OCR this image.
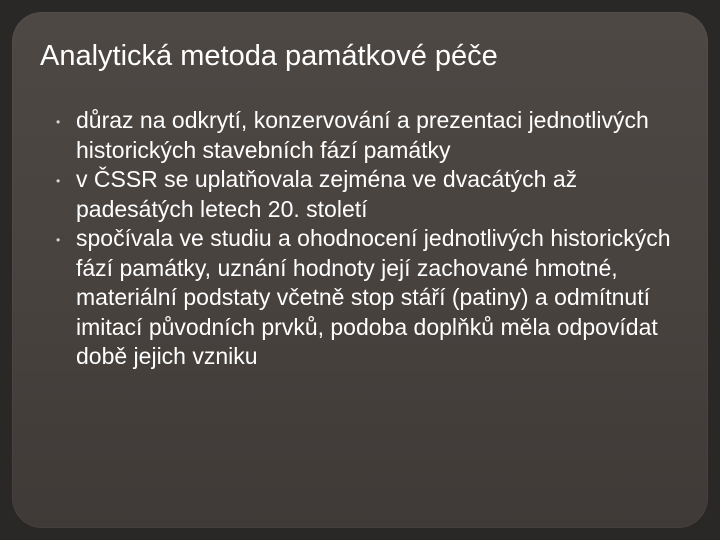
Analytická metoda památkové péče
• důraz na odkrytí, konzervování a prezentaci jednotlivých historických stavebních fází památky
• v ČSSR se uplatňovala zejména ve dvacátých až padesátých letech 20. století
• spočívala ve studiu a ohodnocení jednotlivých historických fází památky, uznání hodnoty její zachované hmotné, materiální podstaty včetně stop stáří (patiny) a odmítnutí imitací původních prvků, podoba doplňků měla odpovídat době jejich vzniku
